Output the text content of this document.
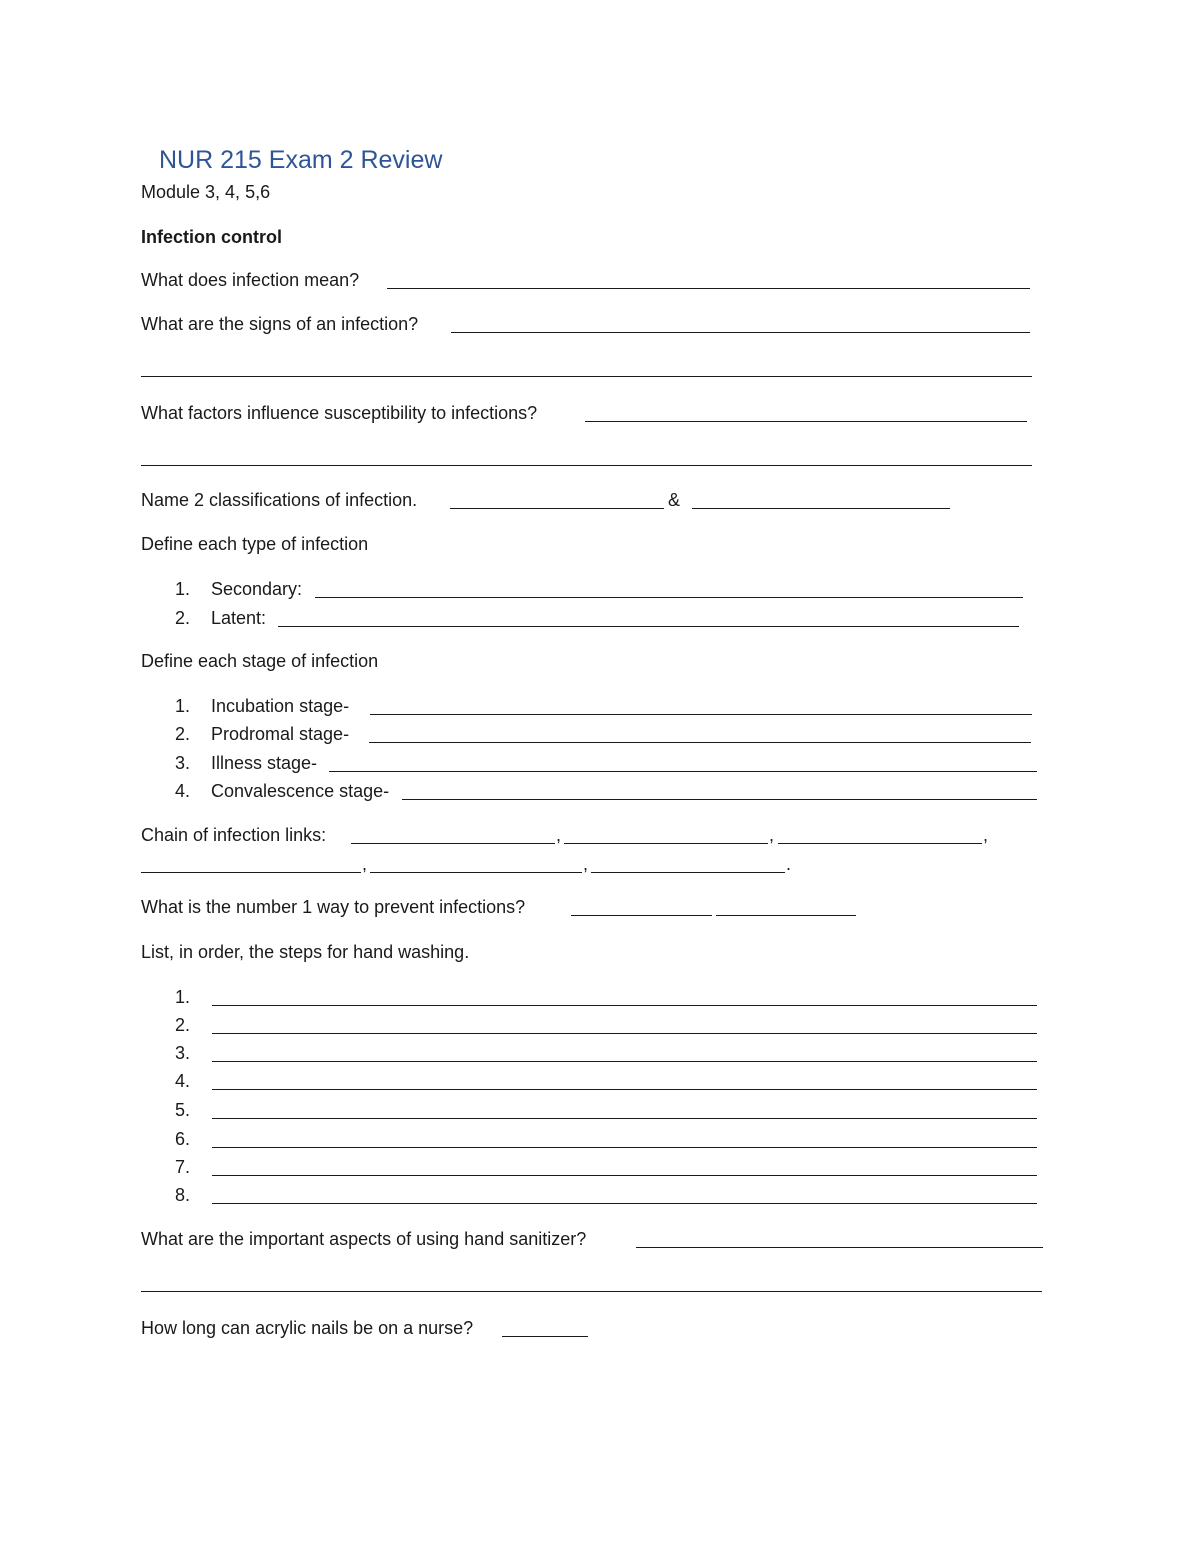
NUR 215 Exam 2 Review
Module 3, 4, 5,6
Infection control
What does infection mean?
What are the signs of an infection?
What factors influence susceptibility to infections?
Name 2 classifications of infection.	&
Define each type of infection
1. Secondary:
2. Latent:
Define each stage of infection
1. Incubation stage-
2. Prodromal stage-
3. Illness stage-
4. Convalescence stage-
Chain of infection links:	,	,	,
,	,	.
What is the number 1 way to prevent infections?
List, in order, the steps for hand washing.
1.
2.
3.
4.
5.
6.
7.
8.
What are the important aspects of using hand sanitizer?
How long can acrylic nails be on a nurse?
